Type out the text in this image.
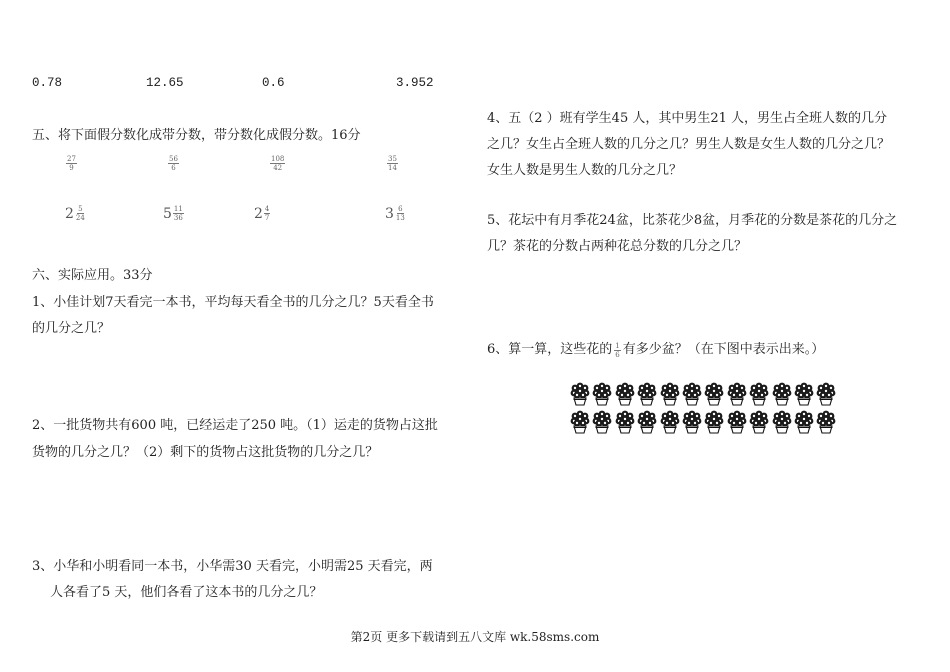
0.78	12.65	0.6	3.952
五、将下面假分数化成带分数，带分数化成假分数。16分
$\frac{27}{9}$	$\frac{56}{6}$	$\frac{108}{42}$	$\frac{35}{14}$
$2 \frac{5}{24}$	$5 \frac{11}{36}$	$2 \frac{4}{7}$	$3 \frac{6}{13}$
六、实际应用。33分
1、小佳计划7天看完一本书，平均每天看全书的几分之几？5天看全书
的几分之几？
2、一批货物共有600 吨，已经运走了250 吨。（1）运走的货物占这批
货物的几分之几？（2）剩下的货物占这批货物的几分之几？
3、小华和小明看同一本书，小华需30 天看完，小明需25 天看完，两
人各看了5 天，他们各看了这本书的几分之几？
4、五（2 ）班有学生45 人，其中男生21 人，男生占全班人数的几分
之几？女生占全班人数的几分之几？男生人数是女生人数的几分之几？
女生人数是男生人数的几分之几？
5、花坛中有月季花24盆，比茶花少8盆，月季花的分数是茶花的几分之
几？茶花的分数占两种花总分数的几分之几？
6、算一算，这些花的 $\frac{1}{6}$ 有多少盆？（在下图中表示出来。）
第2页 更多下载请到五八文库 wk.58sms.com
